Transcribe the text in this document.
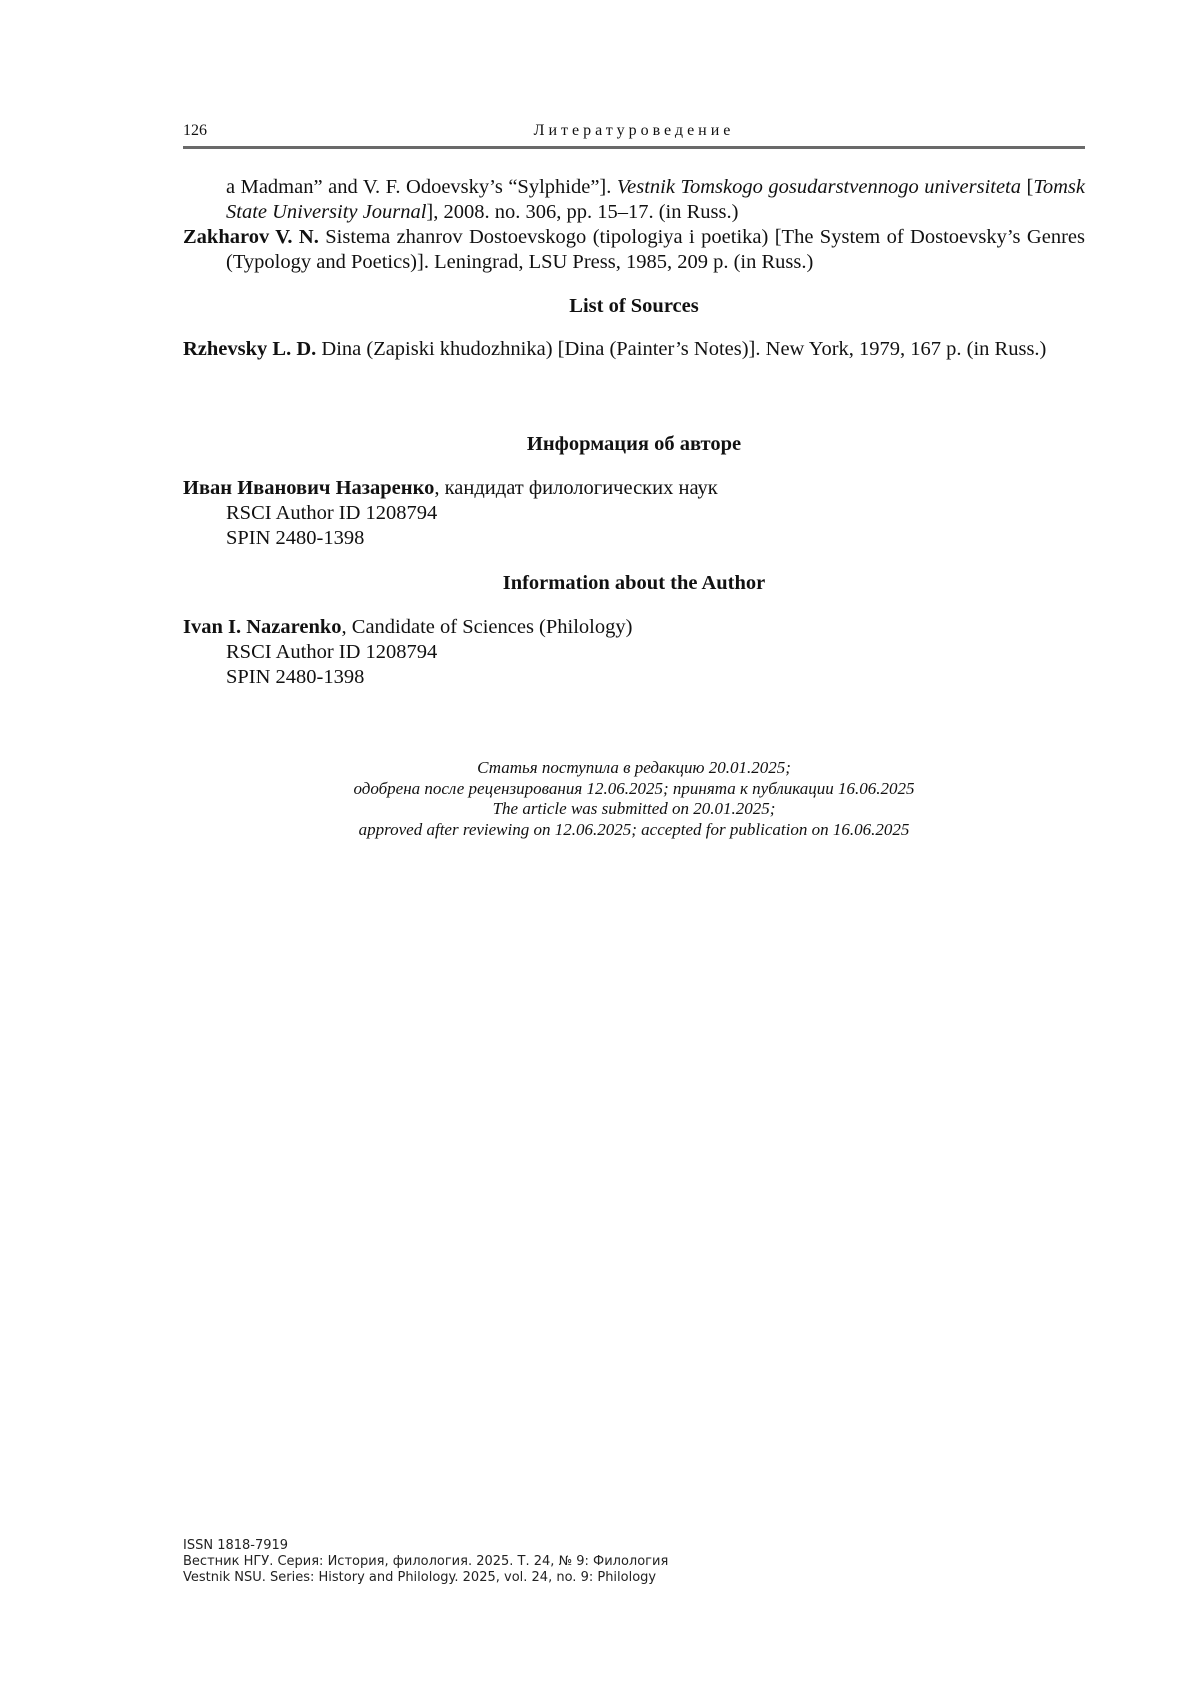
126	Литературоведение

a Madman” and V. F. Odoevsky’s “Sylphide”]. Vestnik Tomskogo gosudarstvennogo universiteta [Tomsk State University Journal], 2008. no. 306, pp. 15–17. (in Russ.)

Zakharov V. N. Sistema zhanrov Dostoevskogo (tipologiya i poetika) [The System of Dostoevsky’s Genres (Typology and Poetics)]. Leningrad, LSU Press, 1985, 209 p. (in Russ.)

List of Sources

Rzhevsky L. D. Dina (Zapiski khudozhnika) [Dina (Painter’s Notes)]. New York, 1979, 167 p. (in Russ.)

Информация об авторе

Иван Иванович Назаренко, кандидат филологических наук

RSCI Author ID 1208794

SPIN 2480-1398

Information about the Author

Ivan I. Nazarenko, Candidate of Sciences (Philology)

RSCI Author ID 1208794

SPIN 2480-1398

Статья поступила в редакцию 20.01.2025;

одобрена после рецензирования 12.06.2025; принята к публикации 16.06.2025

The article was submitted on 20.01.2025;

approved after reviewing on 12.06.2025; accepted for publication on 16.06.2025

ISSN 1818-7919
Вестник НГУ. Серия: История, филология. 2025. Т. 24, № 9: Филология
Vestnik NSU. Series: History and Philology. 2025, vol. 24, no. 9: Philology
